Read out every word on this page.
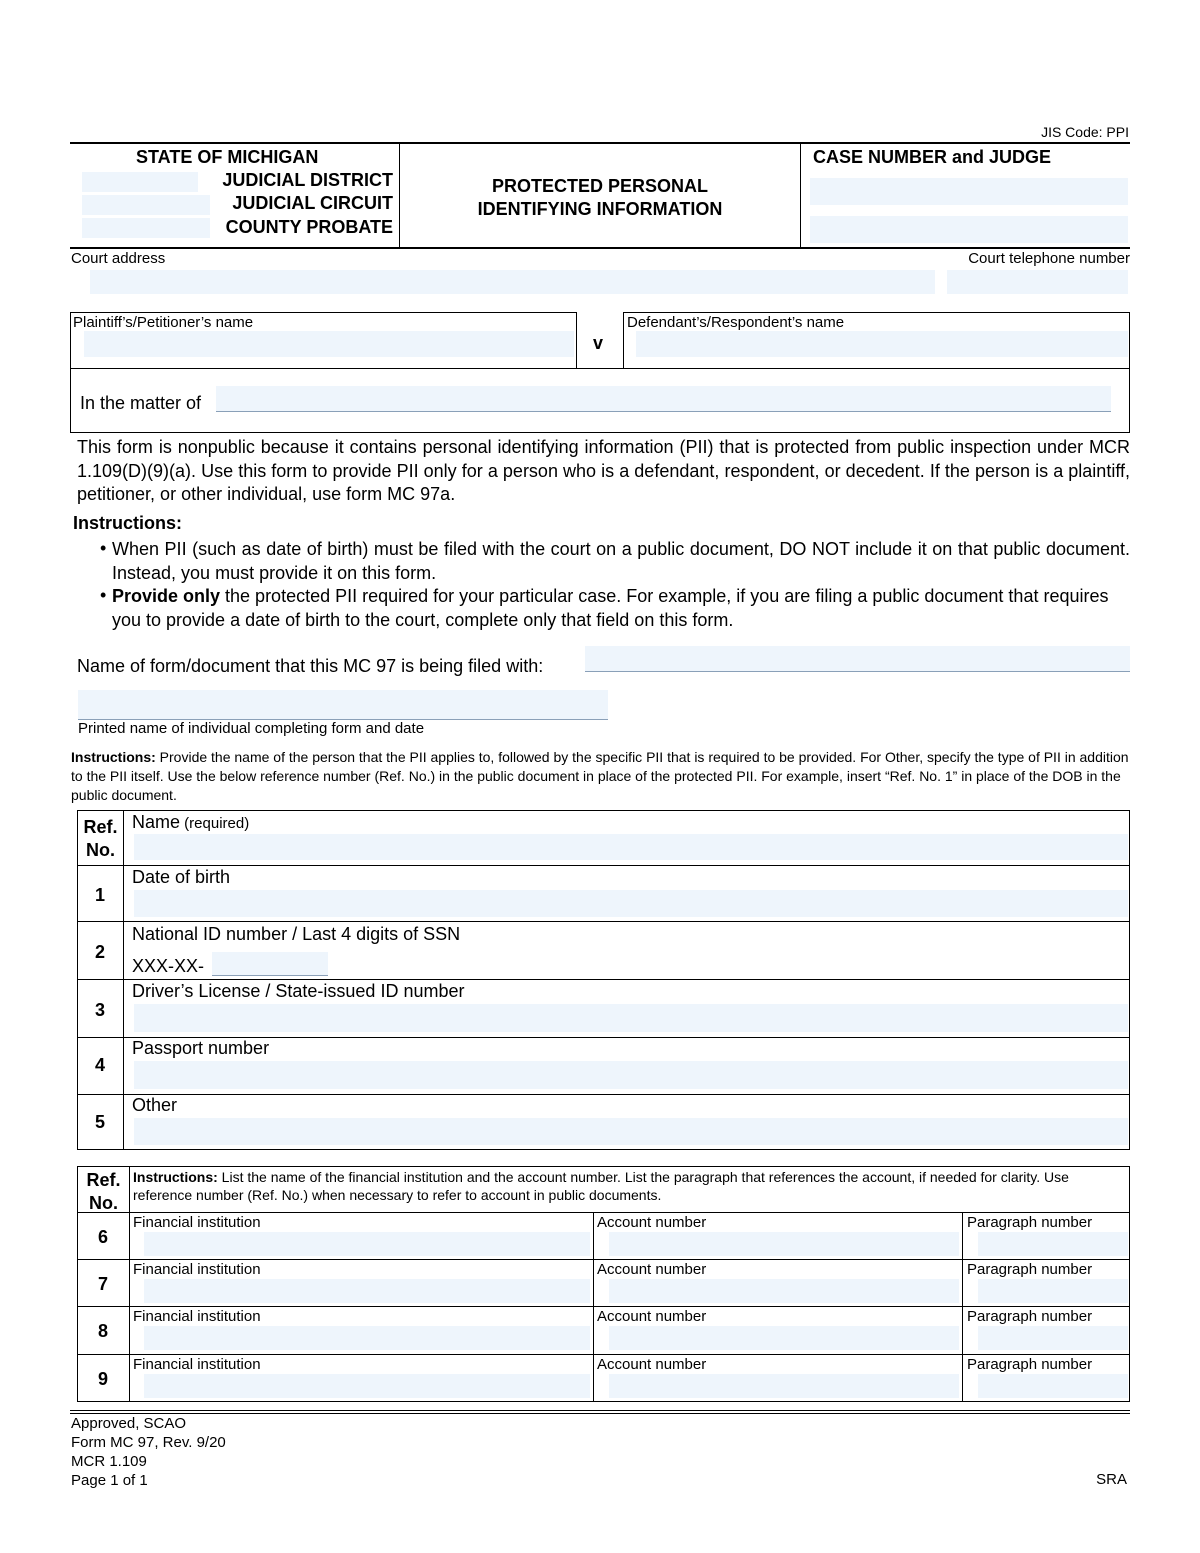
JIS Code: PPI
STATE OF MICHIGAN
JUDICIAL DISTRICT
JUDICIAL CIRCUIT
COUNTY PROBATE
PROTECTED PERSONAL
IDENTIFYING INFORMATION
CASE NUMBER and JUDGE
Court address	Court telephone number
Plaintiff’s/Petitioner’s name
v
Defendant’s/Respondent’s name
In the matter of
This form is nonpublic because it contains personal identifying information (PII) that is protected from public inspection under MCR 1.109(D)(9)(a). Use this form to provide PII only for a person who is a defendant, respondent, or decedent. If the person is a plaintiff, petitioner, or other individual, use form MC 97a.
Instructions:
• When PII (such as date of birth) must be filed with the court on a public document, DO NOT include it on that public document. Instead, you must provide it on this form.
• Provide only the protected PII required for your particular case. For example, if you are filing a public document that requires you to provide a date of birth to the court, complete only that field on this form.
Name of form/document that this MC 97 is being filed with:
Printed name of individual completing form and date
Instructions: Provide the name of the person that the PII applies to, followed by the specific PII that is required to be provided. For Other, specify the type of PII in addition to the PII itself. Use the below reference number (Ref. No.) in the public document in place of the protected PII. For example, insert “Ref. No. 1” in place of the DOB in the public document.
Ref.
No.
Name (required)
1
Date of birth
2
National ID number / Last 4 digits of SSN
XXX-XX-
3
Driver’s License / State-issued ID number
4
Passport number
5
Other
Ref.
No.
Instructions: List the name of the financial institution and the account number. List the paragraph that references the account, if needed for clarity. Use reference number (Ref. No.) when necessary to refer to account in public documents.
6
Financial institution	Account number	Paragraph number
7
Financial institution	Account number	Paragraph number
8
Financial institution	Account number	Paragraph number
9
Financial institution	Account number	Paragraph number
Approved, SCAO
Form MC 97, Rev. 9/20
MCR 1.109
Page 1 of 1	SRA
